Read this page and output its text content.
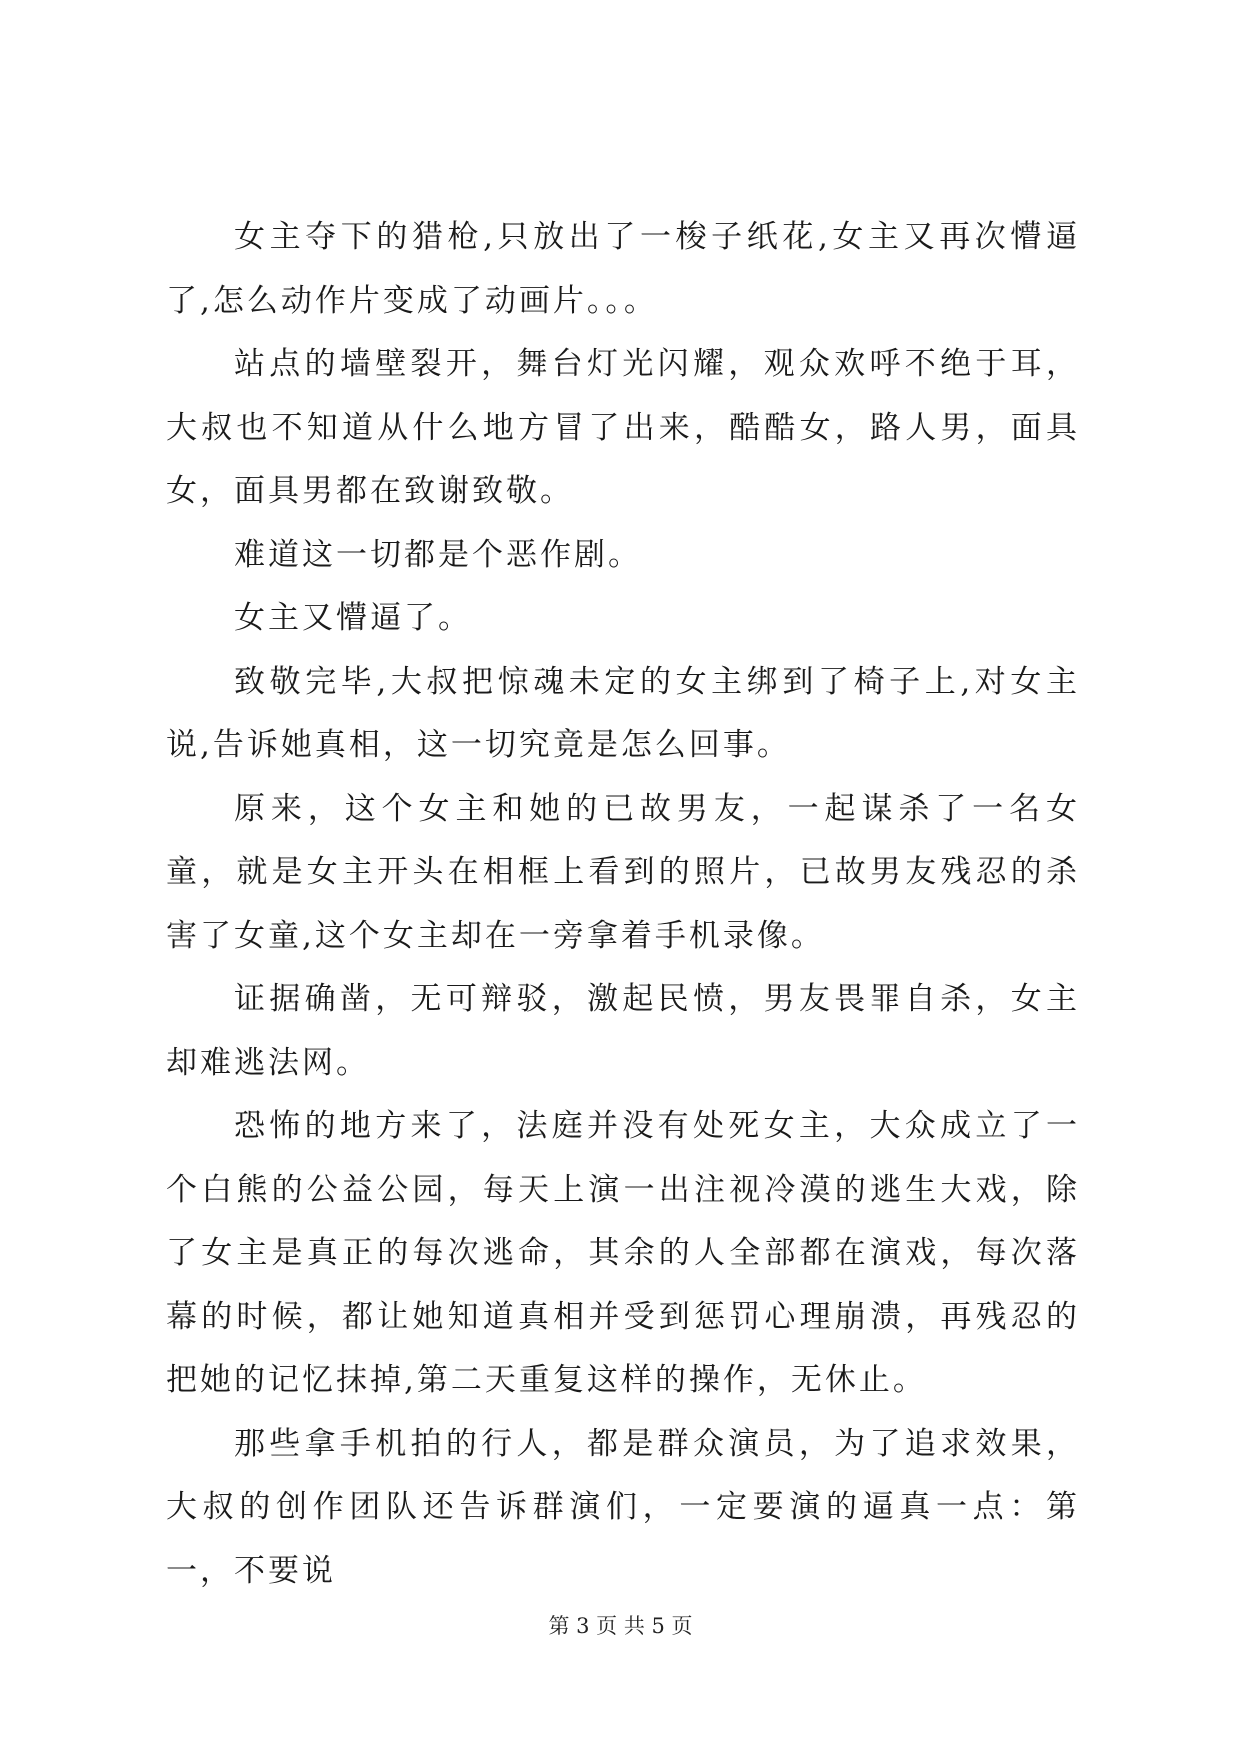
女主夺下的猎枪,只放出了一梭子纸花,女主又再次懵逼了,怎么动作片变成了动画片。。。

站点的墙壁裂开，舞台灯光闪耀，观众欢呼不绝于耳，大叔也不知道从什么地方冒了出来，酷酷女，路人男，面具女，面具男都在致谢致敬。

难道这一切都是个恶作剧。

女主又懵逼了。

致敬完毕,大叔把惊魂未定的女主绑到了椅子上,对女主说,告诉她真相，这一切究竟是怎么回事。

原来，这个女主和她的已故男友，一起谋杀了一名女童，就是女主开头在相框上看到的照片，已故男友残忍的杀害了女童,这个女主却在一旁拿着手机录像。

证据确凿，无可辩驳，激起民愤，男友畏罪自杀，女主却难逃法网。

恐怖的地方来了，法庭并没有处死女主，大众成立了一个白熊的公益公园，每天上演一出注视冷漠的逃生大戏，除了女主是真正的每次逃命，其余的人全部都在演戏，每次落幕的时候，都让她知道真相并受到惩罚心理崩溃，再残忍的把她的记忆抹掉,第二天重复这样的操作，无休止。

那些拿手机拍的行人，都是群众演员，为了追求效果，大叔的创作团队还告诉群演们，一定要演的逼真一点：第一，不要说

第 3 页 共 5 页
